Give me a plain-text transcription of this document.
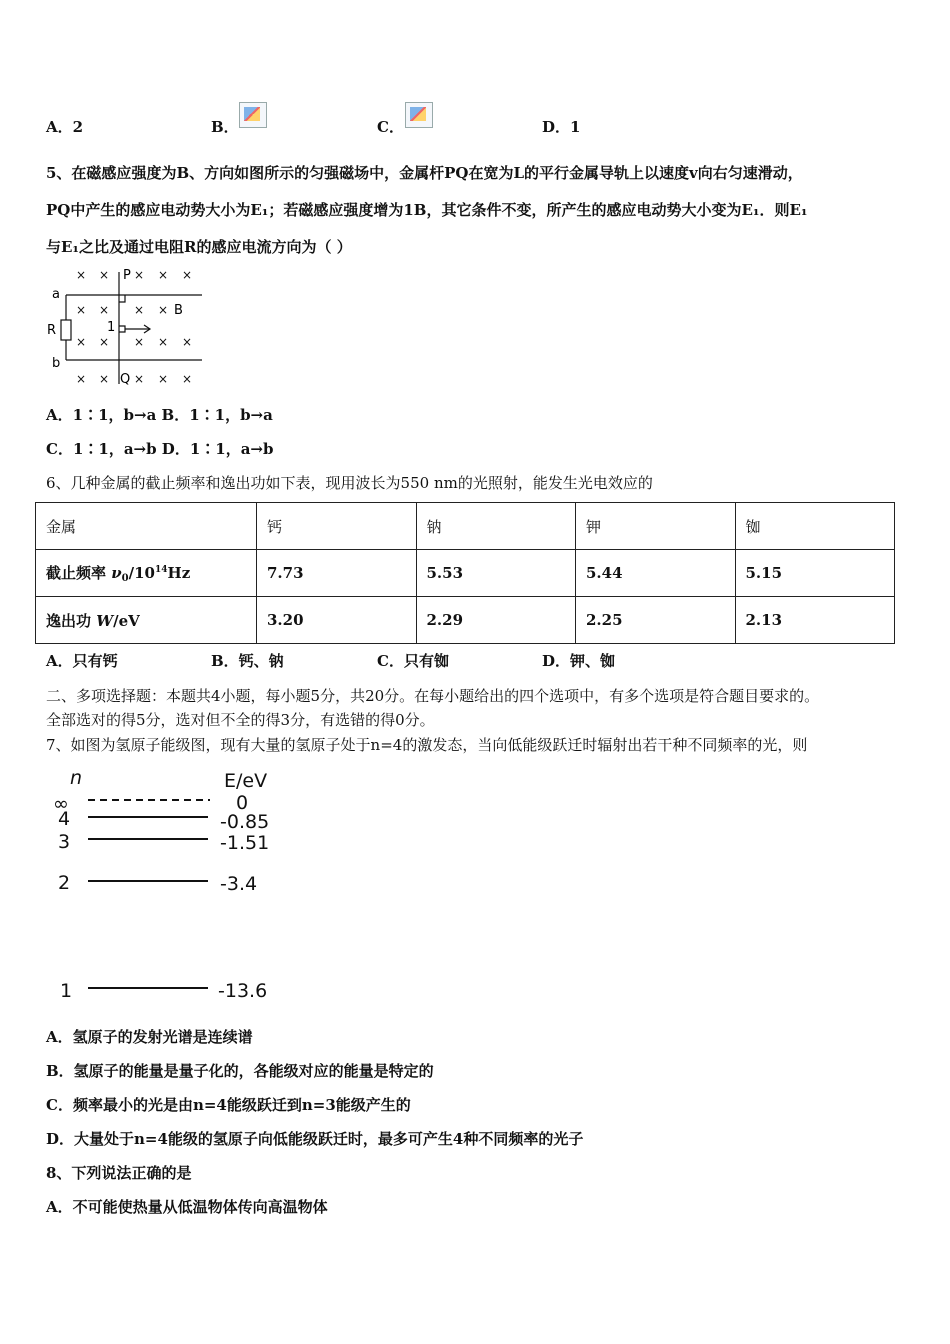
A．2	B．	C．	D．1
5、在磁感应强度为B、方向如图所示的匀强磁场中，金属杆PQ在宽为L的平行金属导轨上以速度v向右匀速滑动，
PQ中产生的感应电动势大小为E₁；若磁感应强度增为1B，其它条件不变，所产生的感应电动势大小变为E₁．则E₁
与E₁之比及通过电阻R的感应电流方向为（ ）
a
b
R
P
Q
B
1
× × × × ×
× × × ×
× × × × ×
× × × × ×
A．1∶1，b→a B．1∶1，b→a
C．1∶1，a→b D．1∶1，a→b
6、几种金属的截止频率和逸出功如下表，现用波长为550 nm的光照射，能发生光电效应的
金属	钙	钠	钾	铷
截止频率 $\nu_0/10^{14}Hz$	7.73	5.53	5.44	5.15
逸出功 W/eV	3.20	2.29	2.25	2.13
A．只有钙	B．钙、钠	C．只有铷	D．钾、铷
二、多项选择题：本题共4小题，每小题5分，共20分。在每小题给出的四个选项中，有多个选项是符合题目要求的。
全部选对的得5分，选对但不全的得3分，有选错的得0分。
7、如图为氢原子能级图，现有大量的氢原子处于n=4的激发态，当向低能级跃迁时辐射出若干种不同频率的光，则
n	E/eV
∞	0
4	-0.85
3	-1.51
2	-3.4
1	-13.6
A．氢原子的发射光谱是连续谱
B．氢原子的能量是量子化的，各能级对应的能量是特定的
C．频率最小的光是由n=4能级跃迁到n=3能级产生的
D．大量处于n=4能级的氢原子向低能级跃迁时，最多可产生4种不同频率的光子
8、下列说法正确的是
A．不可能使热量从低温物体传向高温物体
